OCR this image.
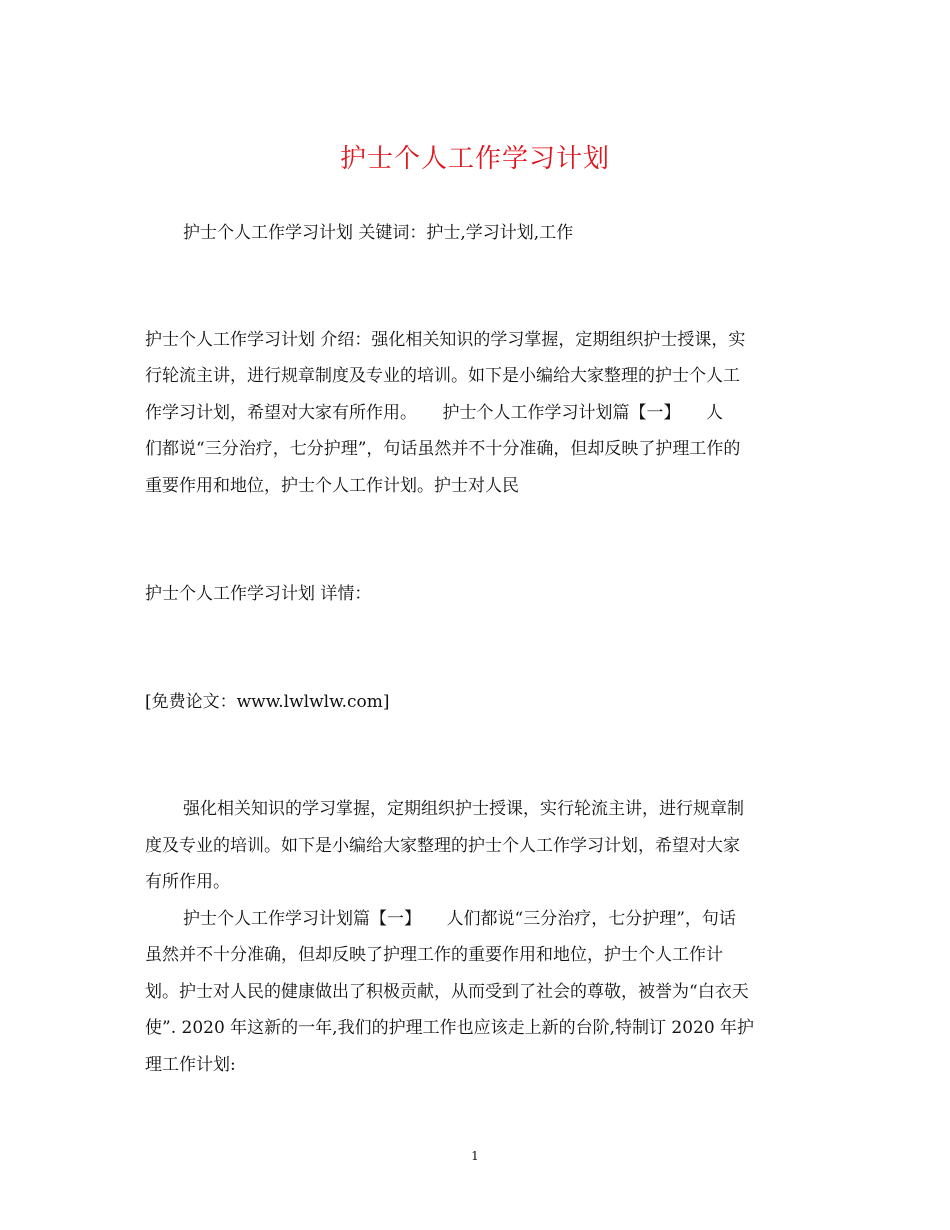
护士个人工作学习计划

护士个人工作学习计划 关键词：护士,学习计划,工作

护士个人工作学习计划 介绍：强化相关知识的学习掌握，定期组织护士授课，实

行轮流主讲，进行规章制度及专业的培训。如下是小编给大家整理的护士个人工

作学习计划，希望对大家有所作用。　　护士个人工作学习计划篇【一】　　人

们都说“三分治疗，七分护理”，句话虽然并不十分准确，但却反映了护理工作的

重要作用和地位，护士个人工作计划。护士对人民

护士个人工作学习计划 详情：

[免费论文：www.lwlwlw.com]

强化相关知识的学习掌握，定期组织护士授课，实行轮流主讲，进行规章制

度及专业的培训。如下是小编给大家整理的护士个人工作学习计划，希望对大家

有所作用。

护士个人工作学习计划篇【一】　　人们都说“三分治疗，七分护理”，句话

虽然并不十分准确，但却反映了护理工作的重要作用和地位，护士个人工作计

划。护士对人民的健康做出了积极贡献，从而受到了社会的尊敬，被誉为“白衣天

使”. 2020 年这新的一年,我们的护理工作也应该走上新的台阶,特制订 2020 年护

理工作计划:

1
